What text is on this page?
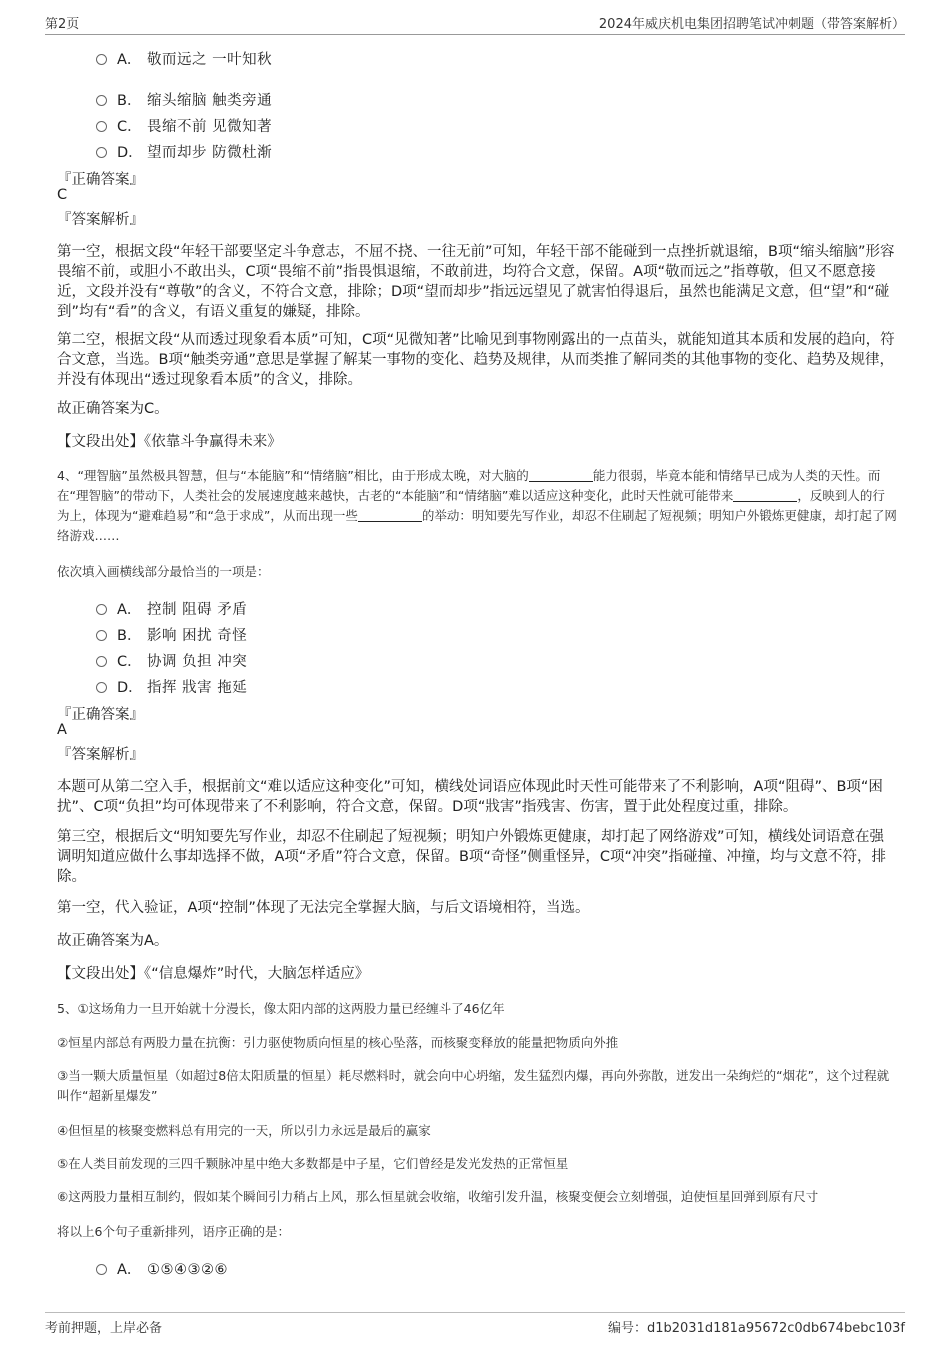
第2页	2024年威庆机电集团招聘笔试冲刺题（带答案解析）
A． 敬而远之 一叶知秋
B． 缩头缩脑 触类旁通
C． 畏缩不前 见微知著
D． 望而却步 防微杜渐
『正确答案』
C
『答案解析』

第一空，根据文段“年轻干部要坚定斗争意志，不屈不挠、一往无前”可知，年轻干部不能碰到一点挫折就退缩，B项“缩头缩脑”形容畏缩不前，或胆小不敢出头，C项“畏缩不前”指畏惧退缩，不敢前进，均符合文意，保留。A项“敬而远之”指尊敬，但又不愿意接近，文段并没有“尊敬”的含义，不符合文意，排除；D项“望而却步”指远远望见了就害怕得退后，虽然也能满足文意，但“望”和“碰到”均有“看”的含义，有语义重复的嫌疑，排除。

第二空，根据文段“从而透过现象看本质”可知，C项“见微知著”比喻见到事物刚露出的一点苗头，就能知道其本质和发展的趋向，符合文意，当选。B项“触类旁通”意思是掌握了解某一事物的变化、趋势及规律，从而类推了解同类的其他事物的变化、趋势及规律，并没有体现出“透过现象看本质”的含义，排除。

故正确答案为C。

【文段出处】《依靠斗争赢得未来》

4、“理智脑”虽然极具智慧，但与“本能脑”和“情绪脑”相比，由于形成太晚，对大脑的	能力很弱，毕竟本能和情绪早已成为人类的天性。而在“理智脑”的带动下，人类社会的发展速度越来越快，古老的“本能脑”和“情绪脑”难以适应这种变化，此时天性就可能带来	，反映到人的行为上，体现为“避难趋易”和“急于求成”，从而出现一些	的举动：明知要先写作业，却忍不住刷起了短视频；明知户外锻炼更健康，却打起了网络游戏……

依次填入画横线部分最恰当的一项是：

A． 控制 阻碍 矛盾
B． 影响 困扰 奇怪
C． 协调 负担 冲突
D． 指挥 戕害 拖延
『正确答案』
A
『答案解析』

本题可从第二空入手，根据前文“难以适应这种变化”可知，横线处词语应体现此时天性可能带来了不利影响，A项“阻碍”、B项“困扰”、C项“负担”均可体现带来了不利影响，符合文意，保留。D项“戕害”指残害、伤害，置于此处程度过重，排除。

第三空，根据后文“明知要先写作业，却忍不住刷起了短视频；明知户外锻炼更健康，却打起了网络游戏”可知，横线处词语意在强调明知道应做什么事却选择不做，A项“矛盾”符合文意，保留。B项“奇怪”侧重怪异，C项“冲突”指碰撞、冲撞，均与文意不符，排除。

第一空，代入验证，A项“控制”体现了无法完全掌握大脑，与后文语境相符，当选。

故正确答案为A。

【文段出处】《“信息爆炸”时代，大脑怎样适应》

5、①这场角力一旦开始就十分漫长，像太阳内部的这两股力量已经缠斗了46亿年

②恒星内部总有两股力量在抗衡：引力驱使物质向恒星的核心坠落，而核聚变释放的能量把物质向外推

③当一颗大质量恒星（如超过8倍太阳质量的恒星）耗尽燃料时，就会向中心坍缩，发生猛烈内爆，再向外弥散，迸发出一朵绚烂的“烟花”，这个过程就叫作“超新星爆发”

④但恒星的核聚变燃料总有用完的一天，所以引力永远是最后的赢家

⑤在人类目前发现的三四千颗脉冲星中绝大多数都是中子星，它们曾经是发光发热的正常恒星

⑥这两股力量相互制约，假如某个瞬间引力稍占上风，那么恒星就会收缩，收缩引发升温，核聚变便会立刻增强，迫使恒星回弹到原有尺寸

将以上6个句子重新排列，语序正确的是：

A． ①⑤④③②⑥
考前押题，上岸必备	编号：d1b2031d181a95672c0db674bebc103f
